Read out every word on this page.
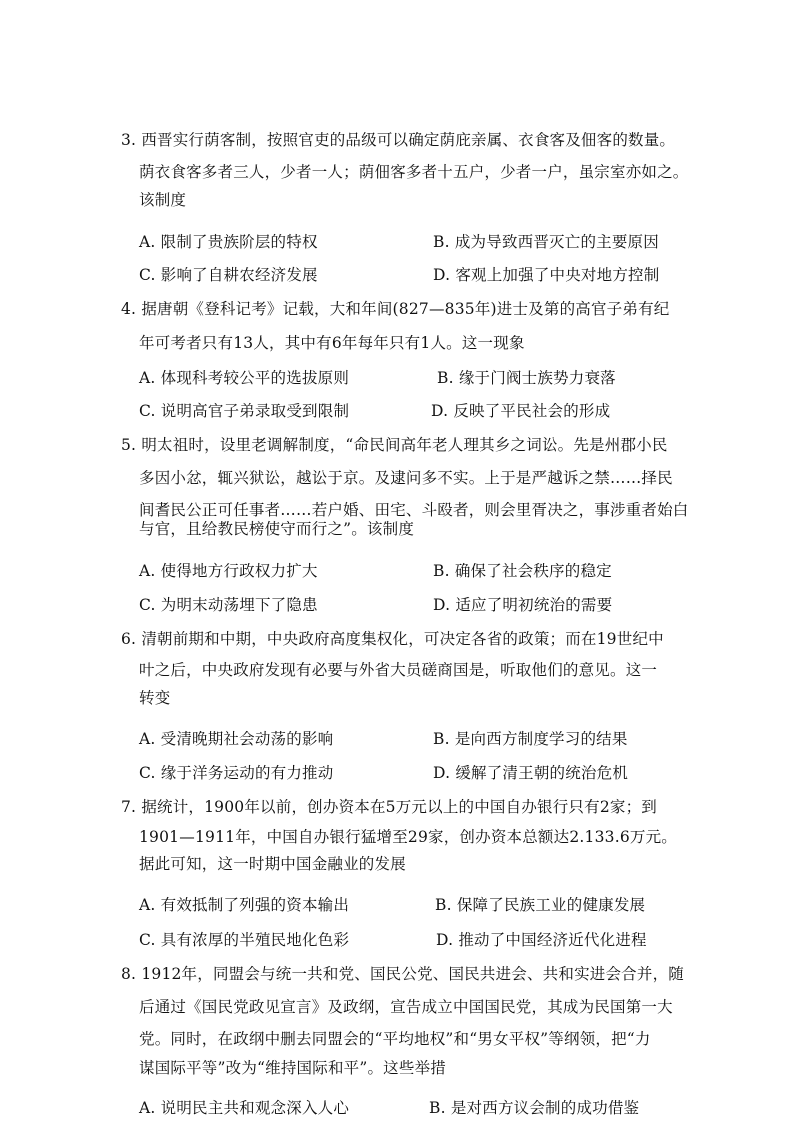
3. 西晋实行荫客制，按照官吏的品级可以确定荫庇亲属、衣食客及佃客的数量。
荫衣食客多者三人，少者一人；荫佃客多者十五户，少者一户，虽宗室亦如之。
该制度
A. 限制了贵族阶层的特权	B. 成为导致西晋灭亡的主要原因
C. 影响了自耕农经济发展	D. 客观上加强了中央对地方控制
4. 据唐朝《登科记考》记载，大和年间(827—835年)进士及第的高官子弟有纪
年可考者只有13人，其中有6年每年只有1人。这一现象
A. 体现科考较公平的选拔原则	B. 缘于门阀士族势力衰落
C. 说明高官子弟录取受到限制	D. 反映了平民社会的形成
5. 明太祖时，设里老调解制度，“命民间高年老人理其乡之词讼。先是州郡小民
多因小忿，辄兴狱讼，越讼于京。及逮问多不实。上于是严越诉之禁……择民
间耆民公正可任事者……若户婚、田宅、斗殴者，则会里胥决之，事涉重者始白
与官，且给教民榜使守而行之”。该制度
A. 使得地方行政权力扩大	B. 确保了社会秩序的稳定
C. 为明末动荡埋下了隐患	D. 适应了明初统治的需要
6. 清朝前期和中期，中央政府高度集权化，可决定各省的政策；而在19世纪中
叶之后，中央政府发现有必要与外省大员磋商国是，听取他们的意见。这一
转变
A. 受清晚期社会动荡的影响	B. 是向西方制度学习的结果
C. 缘于洋务运动的有力推动	D. 缓解了清王朝的统治危机
7. 据统计，1900年以前，创办资本在5万元以上的中国自办银行只有2家；到
1901—1911年，中国自办银行猛增至29家，创办资本总额达2.133.6万元。
据此可知，这一时期中国金融业的发展
A. 有效抵制了列强的资本输出	B. 保障了民族工业的健康发展
C. 具有浓厚的半殖民地化色彩	D. 推动了中国经济近代化进程
8. 1912年，同盟会与统一共和党、国民公党、国民共进会、共和实进会合并，随
后通过《国民党政见宣言》及政纲，宣告成立中国国民党，其成为民国第一大
党。同时，在政纲中删去同盟会的“平均地权”和“男女平权”等纲领，把“力
谋国际平等”改为“维持国际和平”。这些举措
A. 说明民主共和观念深入人心	B. 是对西方议会制的成功借鉴
